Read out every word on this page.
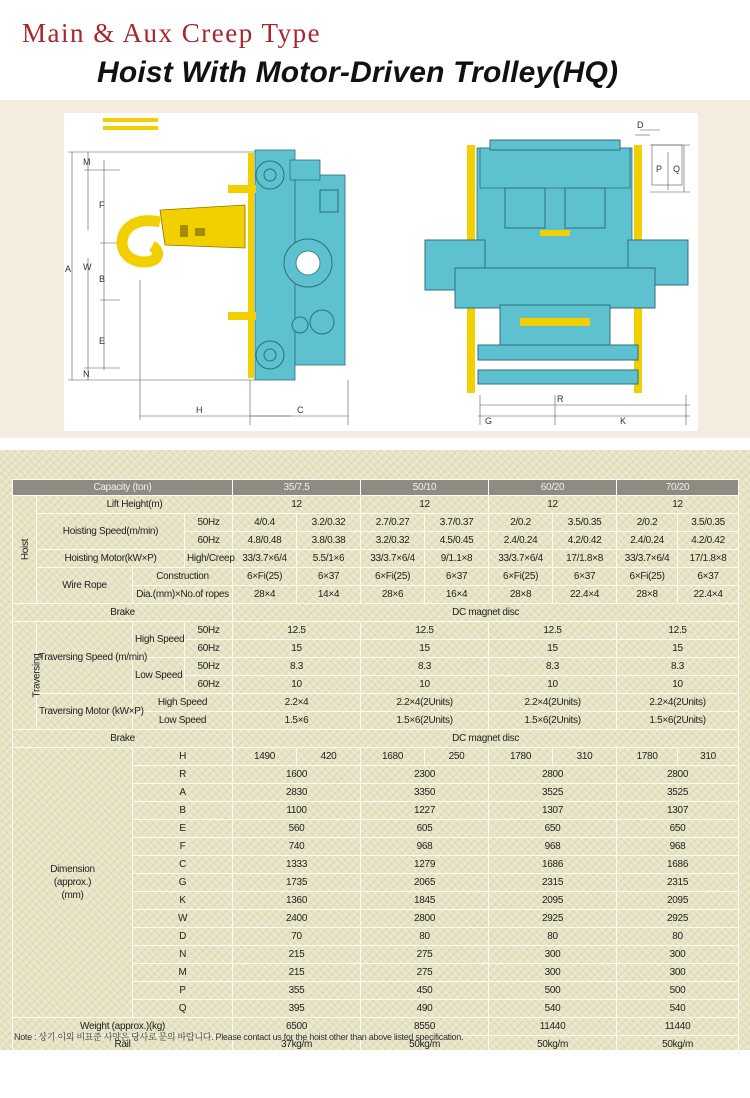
Main & Aux Creep Type
Hoist With Motor-Driven Trolley(HQ)
M
F
A W
B
E
N
H	C
D
P Q
G
R
K
Capacity (ton)				35/7.5		50/10		60/20		70/20	
Hoist	Lift Height(m)			12		12		12		12	
	Hoisting Speed(m/min)		50Hz	4/0.4	3.2/0.32	2.7/0.27	3.7/0.37	2/0.2	3.5/0.35	2/0.2	3.5/0.35
			60Hz	4.8/0.48	3.8/0.38	3.2/0.32	4.5/0.45	2.4/0.24	4.2/0.42	2.4/0.24	4.2/0.42
	Hoisting Motor(kW×P)		High/Creep	33/3.7×6/4	5.5/1×6	33/3.7×6/4	9/1.1×8	33/3.7×6/4	17/1.8×8	33/3.7×6/4	17/1.8×8
	Wire Rope	Construction		6×Fi(25)	6×37	6×Fi(25)	6×37	6×Fi(25)	6×37	6×Fi(25)	6×37
		Dia.(mm)×No.of ropes		28×4	14×4	28×6	16×4	28×8	22.4×4	28×8	22.4×4
Brake				DC magnet disc							
Traversing	Traversing Speed (m/min)	High Speed	50Hz	12.5		12.5		12.5		12.5	
			60Hz	15		15		15		15	
		Low Speed	50Hz	8.3		8.3		8.3		8.3	
			60Hz	10		10		10		10	
	Traversing Motor (kW×P)	High Speed		2.2×4		2.2×4(2Units)		2.2×4(2Units)		2.2×4(2Units)	
		Low Speed		1.5×6		1.5×6(2Units)		1.5×6(2Units)		1.5×6(2Units)	
Brake				DC magnet disc							
Dimension (approx.) (mm)		H		1490	420	1680	250	1780	310	1780	310
		R		1600		2300		2800		2800	
		A		2830		3350		3525		3525	
		B		1100		1227		1307		1307	
		E		560		605		650		650	
		F		740		968		968		968	
		C		1333		1279		1686		1686	
		G		1735		2065		2315		2315	
		K		1360		1845		2095		2095	
		W		2400		2800		2925		2925	
		D		70		80		80		80	
		N		215		275		300		300	
		M		215		275		300		300	
		P		355		450		500		500	
		Q		395		490		540		540	
Weight (approx.)(kg)				6500		8550		11440		11440	
Rail				37kg/m		50kg/m		50kg/m		50kg/m	
Note : 상기 이외 비표준 사양은 당사로 문의 바랍니다. Please contact us for the hoist other than above listed specification.
